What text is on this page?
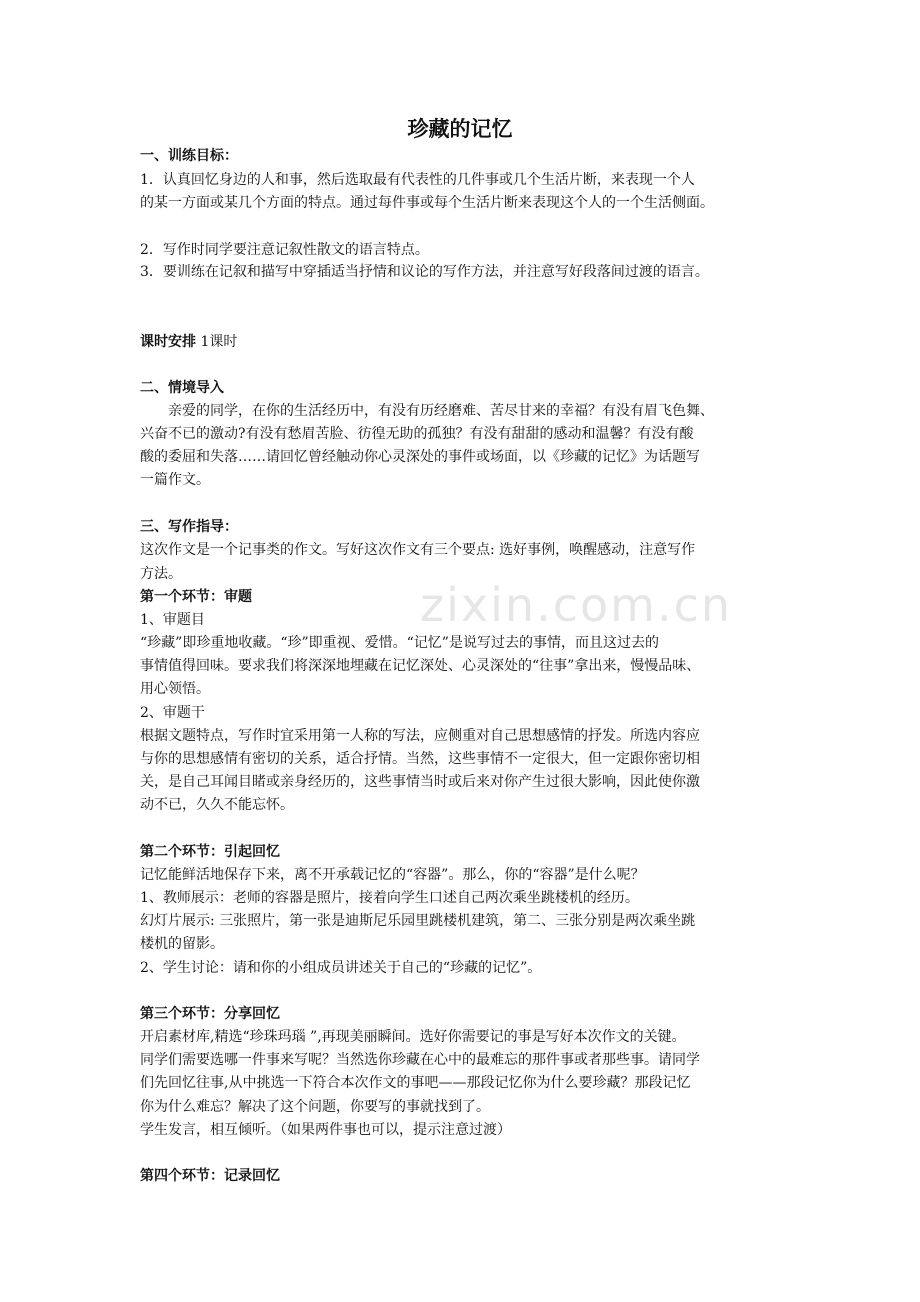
zixin.com.cn
珍藏的记忆
一、训练目标：
1．认真回忆身边的人和事，然后选取最有代表性的几件事或几个生活片断，来表现一个人
的某一方面或某几个方面的特点。通过每件事或每个生活片断来表现这个人的一个生活侧面。
2．写作时同学要注意记叙性散文的语言特点。
3．要训练在记叙和描写中穿插适当抒情和议论的写作方法，并注意写好段落间过渡的语言。
课时安排 1课时
二、情境导入
亲爱的同学，在你的生活经历中，有没有历经磨难、苦尽甘来的幸福？有没有眉飞色舞、
兴奋不已的激动?有没有愁眉苦脸、彷徨无助的孤独？有没有甜甜的感动和温馨？有没有酸
酸的委屈和失落……请回忆曾经触动你心灵深处的事件或场面，以《珍藏的记忆》为话题写
一篇作文。
三、写作指导：
这次作文是一个记事类的作文。写好这次作文有三个要点: 选好事例，唤醒感动，注意写作
方法。
第一个环节：审题
1、审题目
“珍藏”即珍重地收藏。“珍”即重视、爱惜。“记忆”是说写过去的事情，而且这过去的
事情值得回味。要求我们将深深地埋藏在记忆深处、心灵深处的“往事”拿出来，慢慢品味、
用心领悟。
2、审题干
根据文题特点，写作时宜采用第一人称的写法，应侧重对自己思想感情的抒发。所选内容应
与你的思想感情有密切的关系，适合抒情。当然，这些事情不一定很大，但一定跟你密切相
关，是自己耳闻目睹或亲身经历的，这些事情当时或后来对你产生过很大影响，因此使你激
动不已，久久不能忘怀。
第二个环节：引起回忆
记忆能鲜活地保存下来，离不开承载记忆的“容器”。那么，你的“容器”是什么呢？
1、教师展示：老师的容器是照片，接着向学生口述自己两次乘坐跳楼机的经历。
幻灯片展示: 三张照片，第一张是迪斯尼乐园里跳楼机建筑，第二、三张分别是两次乘坐跳
楼机的留影。
2、学生讨论：请和你的小组成员讲述关于自己的“珍藏的记忆”。
第三个环节：分享回忆
开启素材库,精选“珍珠玛瑙 ”,再现美丽瞬间。选好你需要记的事是写好本次作文的关键。
同学们需要选哪一件事来写呢？当然选你珍藏在心中的最难忘的那件事或者那些事。请同学
们先回忆往事,从中挑选一下符合本次作文的事吧——那段记忆你为什么要珍藏？那段记忆
你为什么难忘？解决了这个问题，你要写的事就找到了。
学生发言，相互倾听。（如果两件事也可以，提示注意过渡）
第四个环节：记录回忆
